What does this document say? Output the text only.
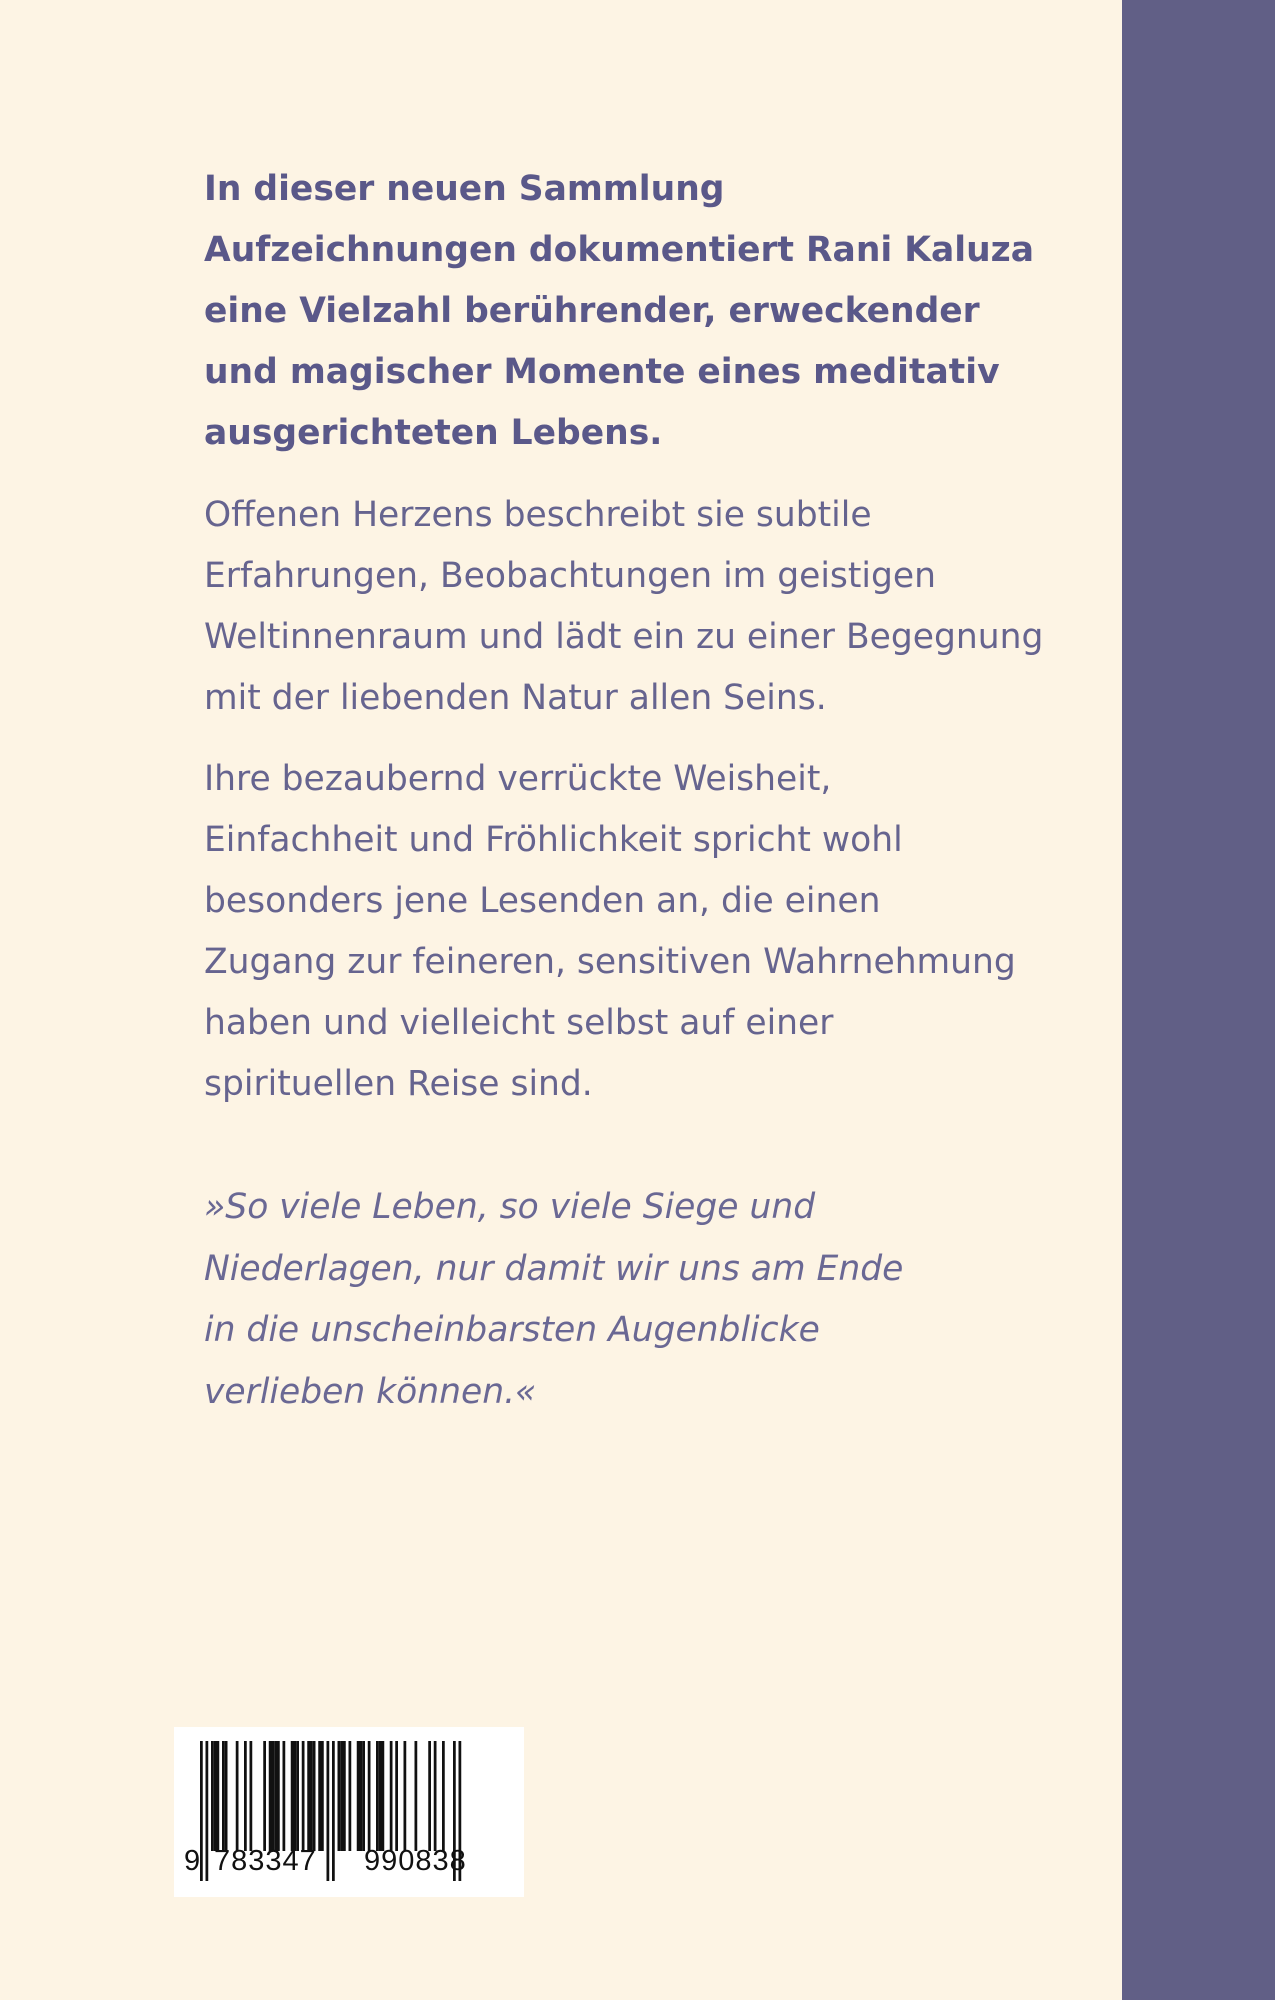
In dieser neuen Sammlung
Aufzeichnungen dokumentiert Rani Kaluza
eine Vielzahl berührender, erweckender
und magischer Momente eines meditativ
ausgerichteten Lebens.

Offenen Herzens beschreibt sie subtile
Erfahrungen, Beobachtungen im geistigen
Weltinnenraum und lädt ein zu einer Begegnung
mit der liebenden Natur allen Seins.

Ihre bezaubernd verrückte Weisheit,
Einfachheit und Fröhlichkeit spricht wohl
besonders jene Lesenden an, die einen
Zugang zur feineren, sensitiven Wahrnehmung
haben und vielleicht selbst auf einer
spirituellen Reise sind.

»So viele Leben, so viele Siege und
Niederlagen, nur damit wir uns am Ende
in die unscheinbarsten Augenblicke
verlieben können.«

9 783347 990838
